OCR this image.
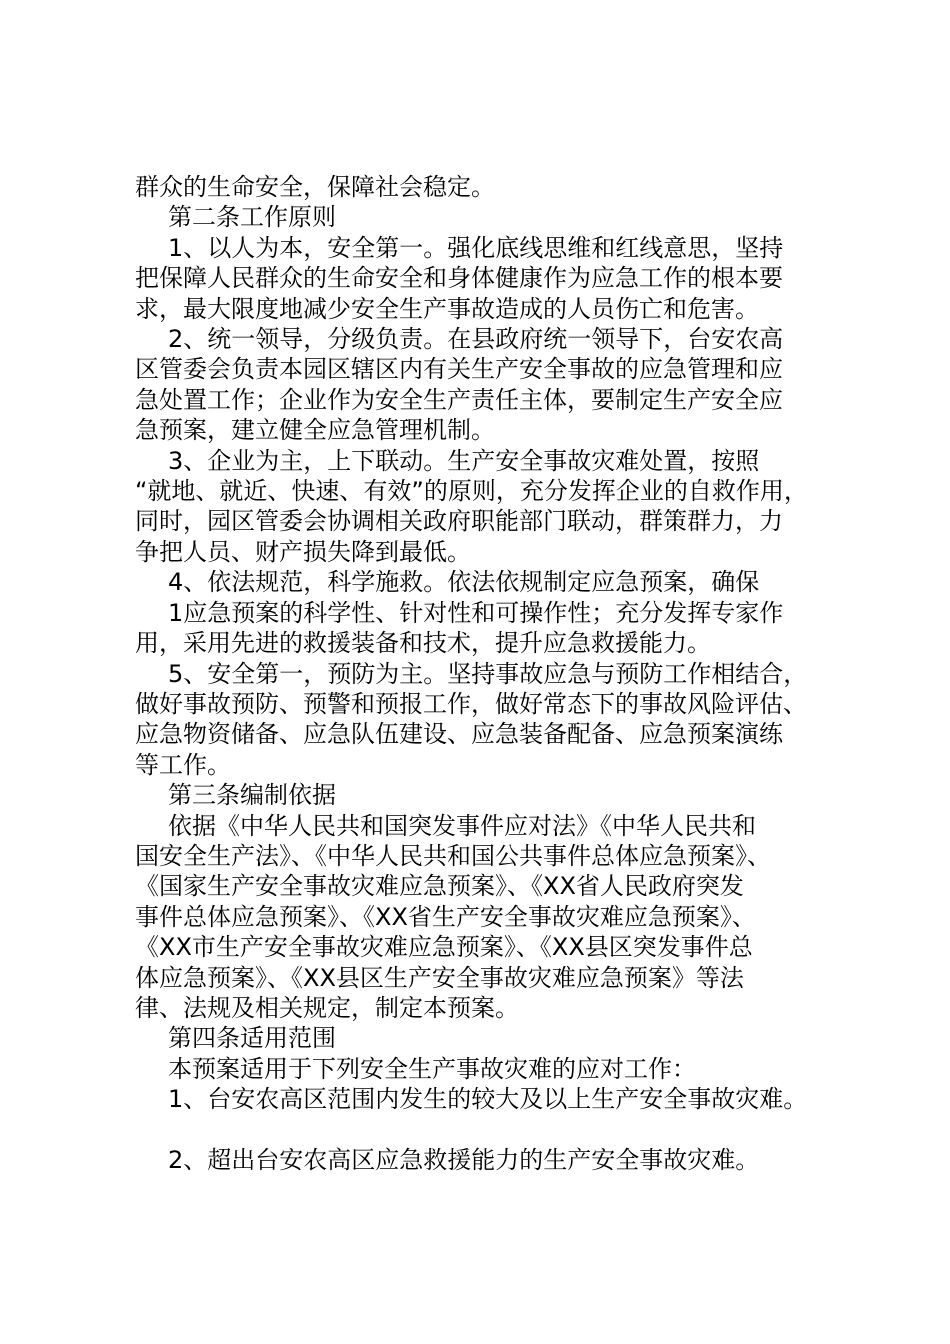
群众的生命安全，保障社会稳定。

第二条工作原则

1、以人为本，安全第一。强化底线思维和红线意思，坚持

把保障人民群众的生命安全和身体健康作为应急工作的根本要

求，最大限度地减少安全生产事故造成的人员伤亡和危害。

2、统一领导，分级负责。在县政府统一领导下，台安农高

区管委会负责本园区辖区内有关生产安全事故的应急管理和应

急处置工作；企业作为安全生产责任主体，要制定生产安全应

急预案，建立健全应急管理机制。

3、企业为主，上下联动。生产安全事故灾难处置，按照

“就地、就近、快速、有效”的原则，充分发挥企业的自救作用，

同时，园区管委会协调相关政府职能部门联动，群策群力，力

争把人员、财产损失降到最低。

4、依法规范，科学施救。依法依规制定应急预案，确保

1应急预案的科学性、针对性和可操作性；充分发挥专家作

用，采用先进的救援装备和技术，提升应急救援能力。

5、安全第一，预防为主。坚持事故应急与预防工作相结合，

做好事故预防、预警和预报工作，做好常态下的事故风险评估、

应急物资储备、应急队伍建设、应急装备配备、应急预案演练

等工作。

第三条编制依据

依据《中华人民共和国突发事件应对法》《中华人民共和

国安全生产法》、《中华人民共和国公共事件总体应急预案》、

《国家生产安全事故灾难应急预案》、《XX省人民政府突发

事件总体应急预案》、《XX省生产安全事故灾难应急预案》、

《XX市生产安全事故灾难应急预案》、《XX县区突发事件总

体应急预案》、《XX县区生产安全事故灾难应急预案》等法

律、法规及相关规定，制定本预案。

第四条适用范围

本预案适用于下列安全生产事故灾难的应对工作：

1、台安农高区范围内发生的较大及以上生产安全事故灾难。

2、超出台安农高区应急救援能力的生产安全事故灾难。
